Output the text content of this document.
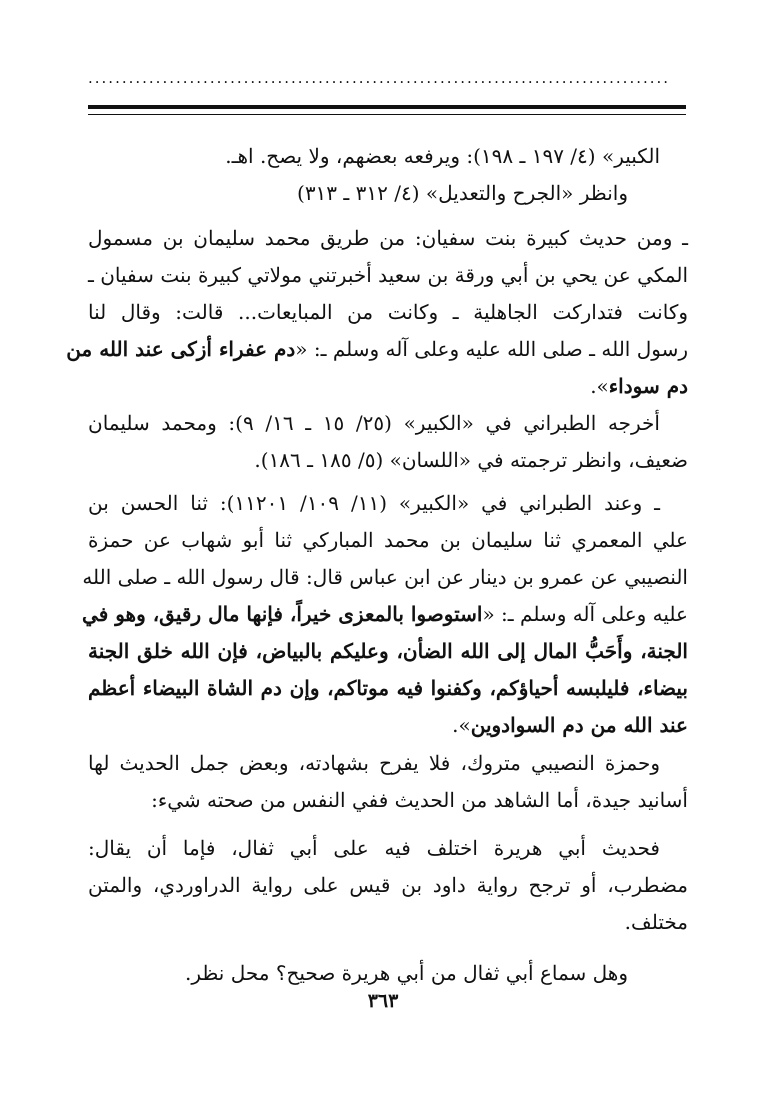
......................................................................................
الكبير» (٤/ ١٩٧ ـ ١٩٨): ويرفعه بعضهم، ولا يصح. اهـ.
وانظر «الجرح والتعديل» (٤/ ٣١٢ ـ ٣١٣)
ـ ومن حديث كبيرة بنت سفيان: من طريق محمد سليمان بن مسمول
المكي عن يحي بن أبي ورقة بن سعيد أخبرتني مولاتي كبيرة بنت سفيان ـ
وكانت فتداركت الجاهلية ـ وكانت من المبايعات... قالت: وقال لنا
رسول الله ـ صلى الله عليه وعلى آله وسلم ـ: «دم عفراء أزكى عند الله من
دم سوداء».
أخرجه الطبراني في «الكبير» (٢٥/ ١٥ ـ ١٦/ ٩): ومحمد سليمان
ضعيف، وانظر ترجمته في «اللسان» (٥/ ١٨٥ ـ ١٨٦).
ـ وعند الطبراني في «الكبير» (١١/ ١٠٩/ ١١٢٠١): ثنا الحسن بن
علي المعمري ثنا سليمان بن محمد المباركي ثنا أبو شهاب عن حمزة
النصيبي عن عمرو بن دينار عن ابن عباس قال: قال رسول الله ـ صلى الله
عليه وعلى آله وسلم ـ: «استوصوا بالمعزى خيراً، فإنها مال رقيق، وهو في
الجنة، وأَحَبُّ المال إلى الله الضأن، وعليكم بالبياض، فإن الله خلق الجنة
بيضاء، فليلبسه أحياؤكم، وكفنوا فيه موتاكم، وإن دم الشاة البيضاء أعظم
عند الله من دم السوادوين».
وحمزة النصيبي متروك، فلا يفرح بشهادته، وبعض جمل الحديث لها
أسانيد جيدة، أما الشاهد من الحديث ففي النفس من صحته شيء:
فحديث أبي هريرة اختلف فيه على أبي ثفال، فإما أن يقال:
مضطرب، أو ترجح رواية داود بن قيس على رواية الدراوردي، والمتن
مختلف.
وهل سماع أبي ثفال من أبي هريرة صحيح؟ محل نظر.
٣٦٣
